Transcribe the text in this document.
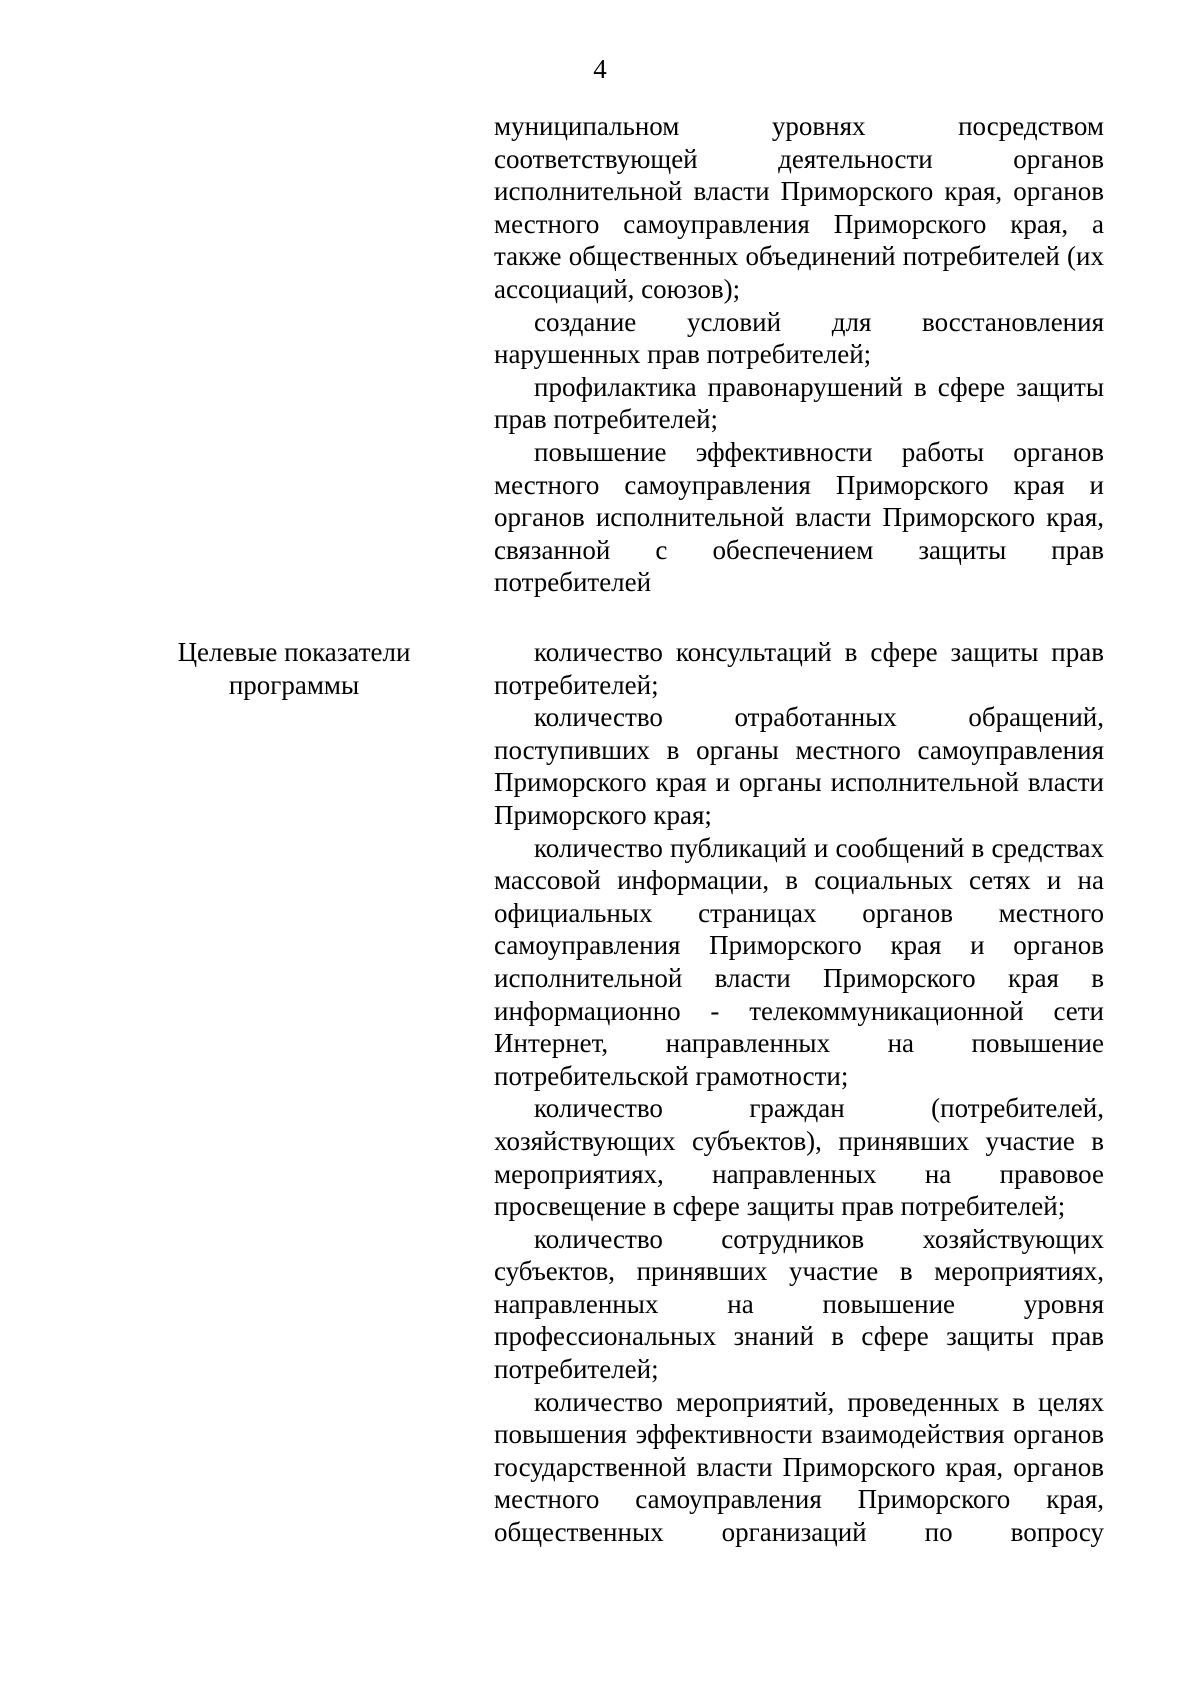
4

муниципальном уровнях посредством соответствующей деятельности органов исполнительной власти Приморского края, органов местного самоуправления Приморского края, а также общественных объединений потребителей (их ассоциаций, союзов);

создание условий для восстановления нарушенных прав потребителей;

профилактика правонарушений в сфере защиты прав потребителей;

повышение эффективности работы органов местного самоуправления Приморского края и органов исполнительной власти Приморского края, связанной с обеспечением защиты прав потребителей

Целевые показатели
программы

количество консультаций в сфере защиты прав потребителей;

количество отработанных обращений, поступивших в органы местного самоуправления Приморского края и органы исполнительной власти Приморского края;

количество публикаций и сообщений в средствах массовой информации, в социальных сетях и на официальных страницах органов местного самоуправления Приморского края и органов исполнительной власти Приморского края в информационно - телекоммуникационной сети Интернет, направленных на повышение потребительской грамотности;

количество граждан (потребителей, хозяйствующих субъектов), принявших участие в мероприятиях, направленных на правовое просвещение в сфере защиты прав потребителей;

количество сотрудников хозяйствующих субъектов, принявших участие в мероприятиях, направленных на повышение уровня профессиональных знаний в сфере защиты прав потребителей;

количество мероприятий, проведенных в целях повышения эффективности взаимодействия органов государственной власти Приморского края, органов местного самоуправления Приморского края, общественных организаций по вопросу
